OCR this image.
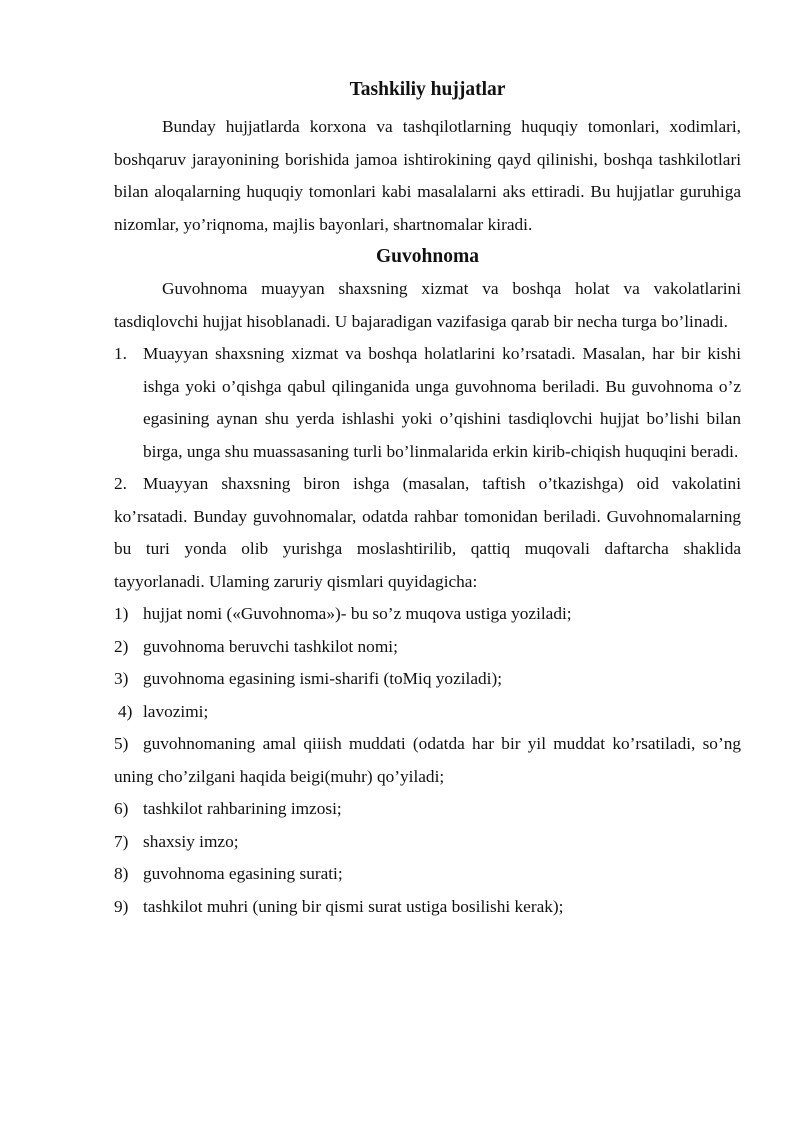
Tashkiliy hujjatlar

Bunday hujjatlarda korxona va tashqilotlarning huquqiy tomonlari, xodimlari, boshqaruv jarayonining borishida jamoa ishtirokining qayd qilinishi, boshqa tashkilotlari bilan aloqalarning huquqiy tomonlari kabi masalalarni aks ettiradi. Bu hujjatlar guruhiga nizomlar, yo’riqnoma, majlis bayonlari, shartnomalar kiradi.

Guvohnoma

Guvohnoma muayyan shaxsning xizmat va boshqa holat va vakolatlarini tasdiqlovchi hujjat hisoblanadi. U bajaradigan vazifasiga qarab bir necha turga bo’linadi.

1. Muayyan shaxsning xizmat va boshqa holatlarini ko’rsatadi. Masalan, har bir kishi ishga yoki o’qishga qabul qilinganida unga guvohnoma beriladi. Bu guvohnoma o’z egasining aynan shu yerda ishlashi yoki o’qishini tasdiqlovchi hujjat bo’lishi bilan birga, unga shu muassasaning turli bo’linmalarida erkin kirib-chiqish huquqini beradi.

2. Muayyan shaxsning biron ishga (masalan, taftish o’tkazishga) oid vakolatini ko’rsatadi. Bunday guvohnomalar, odatda rahbar tomonidan beriladi. Guvohnomalarning bu turi yonda olib yurishga moslashtirilib, qattiq muqovali daftarcha shaklida tayyorlanadi. Ulaming zaruriy qismlari quyidagicha:

1) hujjat nomi («Guvohnoma»)- bu so’z muqova ustiga yoziladi;

2) guvohnoma beruvchi tashkilot nomi;

3) guvohnoma egasining ismi-sharifi (toMiq yoziladi);

4) lavozimi;

5) guvohnomaning amal qiiish muddati (odatda har bir yil muddat ko’rsatiladi, so’ng uning cho’zilgani haqida beigi(muhr) qo’yiladi;

6) tashkilot rahbarining imzosi;

7) shaxsiy imzo;

8) guvohnoma egasining surati;

9) tashkilot muhri (uning bir qismi surat ustiga bosilishi kerak);
